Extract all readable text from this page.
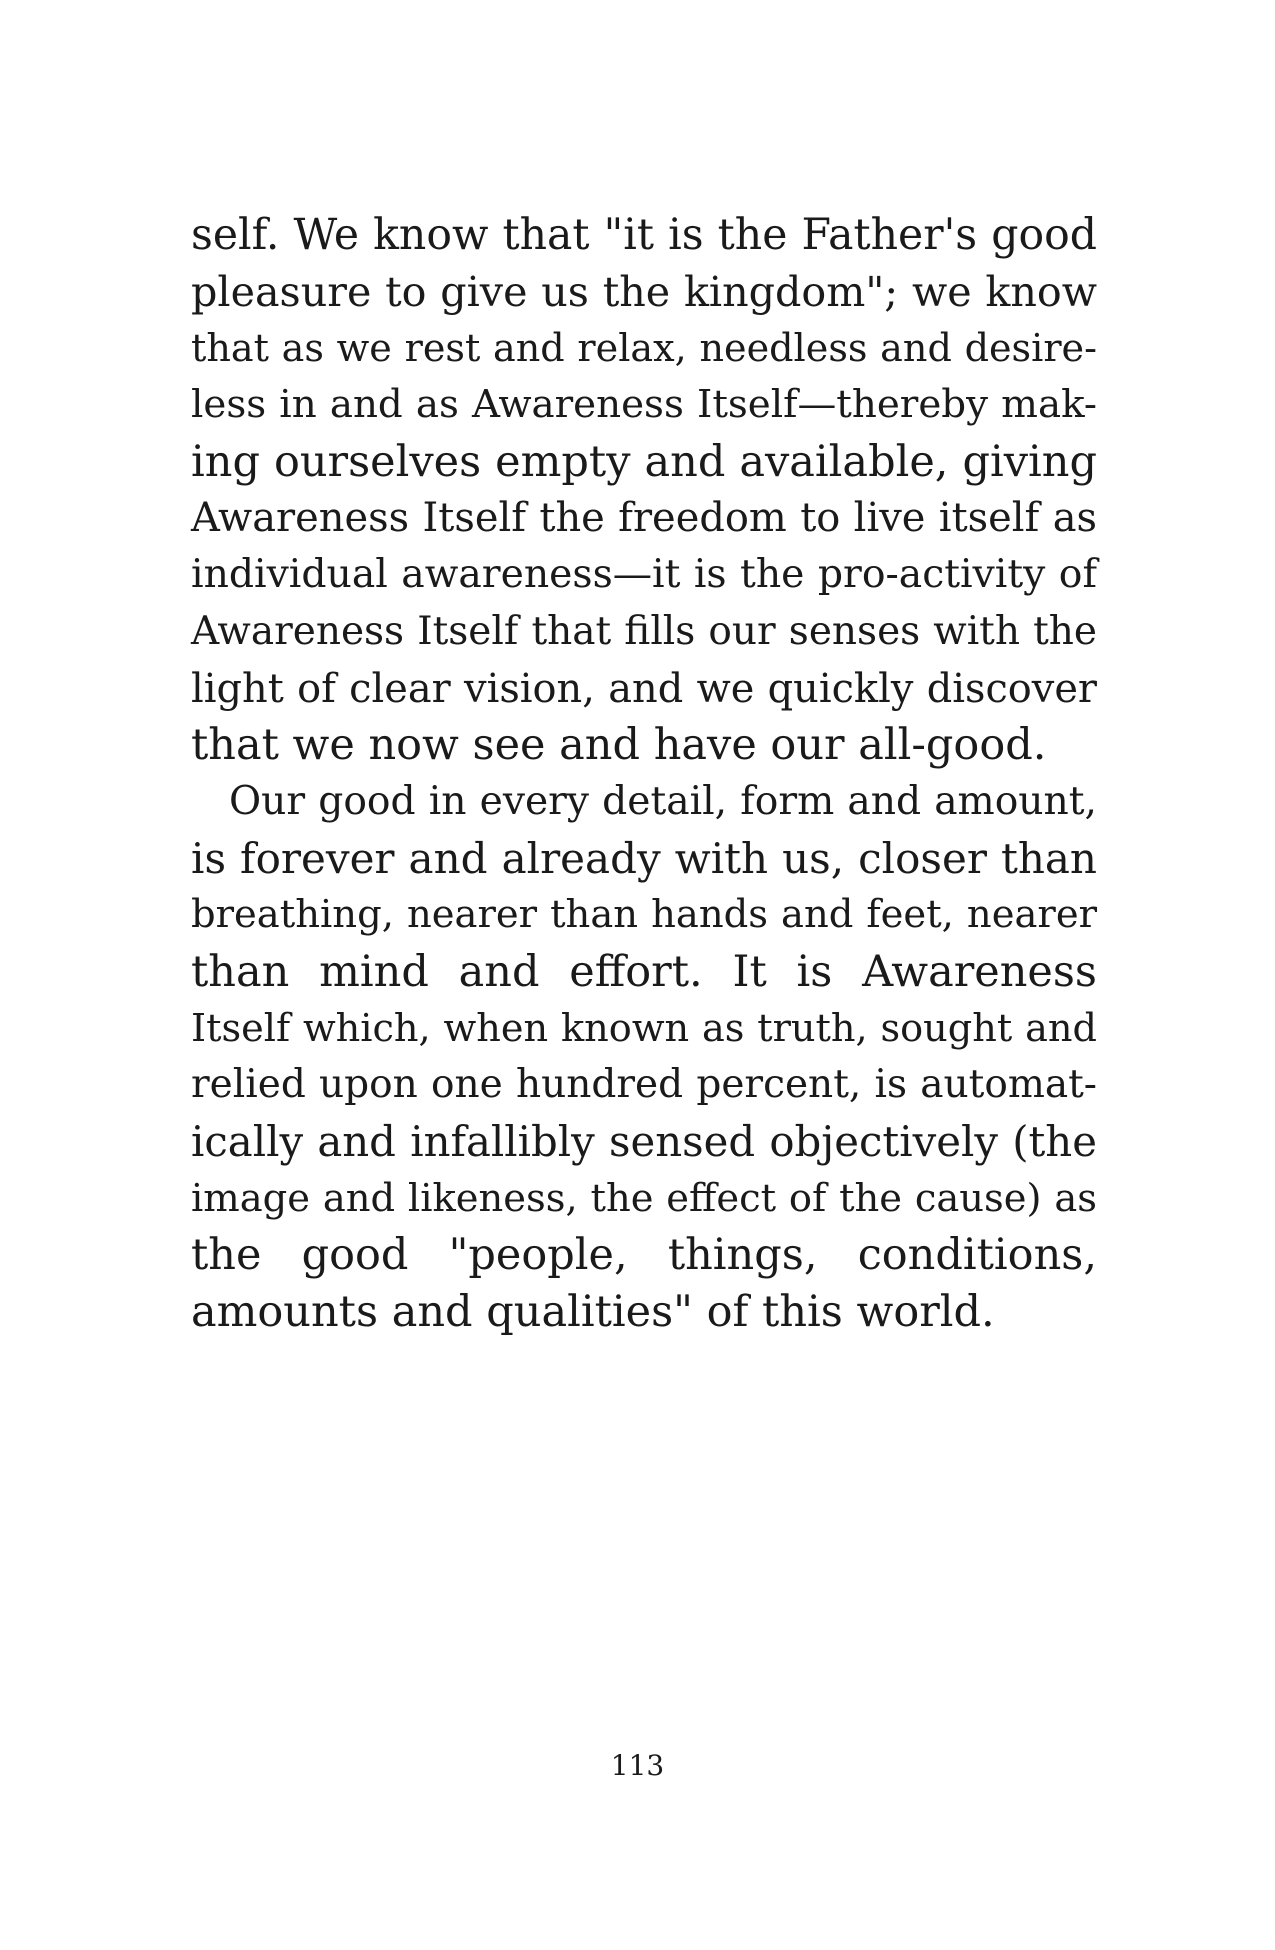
self. We know that "it is the Father's good
pleasure to give us the kingdom"; we know
that as we rest and relax, needless and desire-
less in and as Awareness Itself—thereby mak-
ing ourselves empty and available, giving
Awareness Itself the freedom to live itself as
individual awareness—it is the pro-activity of
Awareness Itself that fills our senses with the
light of clear vision, and we quickly discover
that we now see and have our all-good.
Our good in every detail, form and amount,
is forever and already with us, closer than
breathing, nearer than hands and feet, nearer
than mind and effort. It is Awareness
Itself which, when known as truth, sought and
relied upon one hundred percent, is automat-
ically and infallibly sensed objectively (the
image and likeness, the effect of the cause) as
the good "people, things, conditions,
amounts and qualities" of this world.
113
